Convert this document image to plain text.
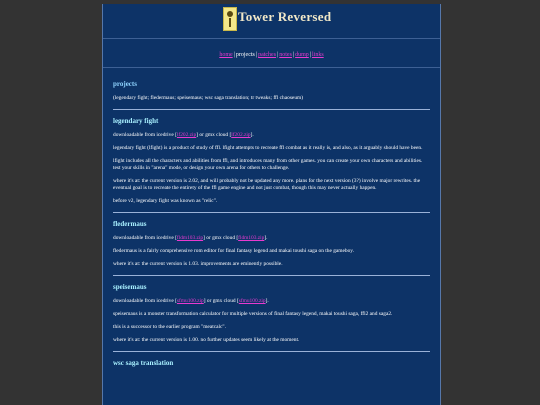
Tower Reversed
home|projects|patches|notes|dump|links
projects

(legendary fight; fledermaus; speisemaus; wsc saga translation; tr tweaks; ffl chaoseum)

legendary fight

downloadable from icedrive [lf202.zip] or gmx cloud [lf202.zip].

legendary fight (lfight) is a product of study of ffl. lfight attempts to recreate ffl combat as it really is, and also, as it arguably should have been.

lfight includes all the characters and abilities from ffl, and introduces many from other games. you can create your own characters and abilities. test your skills in "arena" mode, or design your own arena for others to challenge.

where it's at: the current version is 2.02, and will probably not be updated any more. plans for the next version (3?) involve major rewrites. the eventual goal is to recreate the entirety of the ffl game engine and not just combat, though this may never actually happen.

before v2, legendary fight was known as "relic".

fledermaus

downloadable from icedrive [fldm103.zip] or gmx cloud [fldm103.zip].

fledermaus is a fairly comprehensive rom editor for final fantasy legend and makai toushi saga on the gameboy.

where it's at: the current version is 1.03. improvements are eminently possible.

speisemaus

downloadable from icedrive [sfmu100.zip] or gmx cloud [sfmu100.zip].

speisemaus is a monster transformation calculator for multiple versions of final fantasy legend, makai toushi saga, ffl2 and saga2.

this is a successor to the earlier program "meatcalc".

where it's at: the current version is 1.00. no further updates seem likely at the moment.

wsc saga translation
